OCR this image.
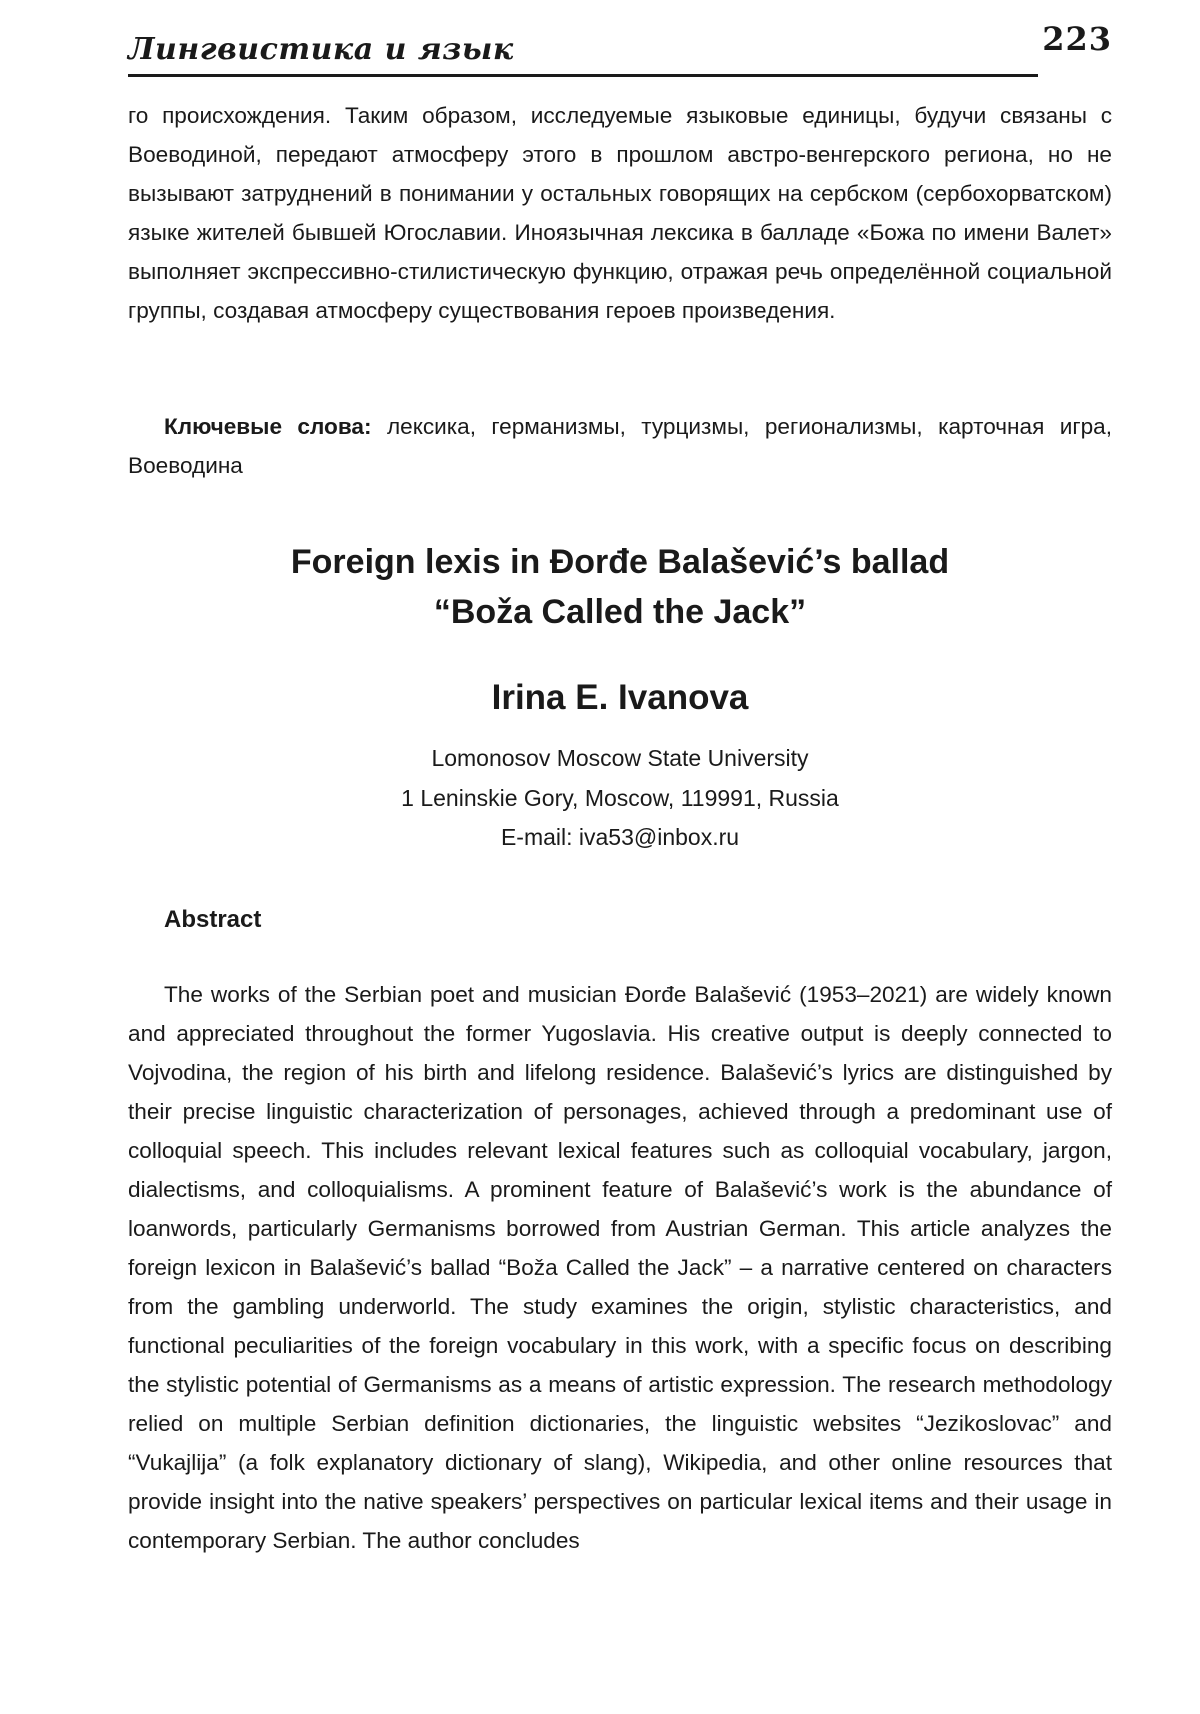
Лингвистика и язык	223

го происхождения. Таким образом, исследуемые языковые единицы, будучи связаны с Воеводиной, передают атмосферу этого в прошлом австро-венгерского региона, но не вызывают затруднений в понимании у остальных говорящих на сербском (сербохорватском) языке жителей бывшей Югославии. Иноязычная лексика в балладе «Божа по имени Валет» выполняет экспрессивно-стилистическую функцию, отражая речь определённой социальной группы, создавая атмосферу существования героев произведения.

Ключевые слова: лексика, германизмы, турцизмы, регионализмы, карточная игра, Воеводина

Foreign lexis in Đorđe Balašević’s ballad
“Boža Called the Jack”
Irina E. Ivanova
Lomonosov Moscow State University
1 Leninskie Gory, Moscow, 119991, Russia
E-mail: iva53@inbox.ru
Abstract

The works of the Serbian poet and musician Đorđe Balašević (1953–2021) are widely known and appreciated throughout the former Yugoslavia. His creative output is deeply connected to Vojvodina, the region of his birth and lifelong residence. Balašević’s lyrics are distinguished by their precise linguistic characterization of personages, achieved through a predominant use of colloquial speech. This includes relevant lexical features such as colloquial vocabulary, jargon, dialectisms, and colloquialisms. A prominent feature of Balašević’s work is the abundance of loanwords, particularly Germanisms borrowed from Austrian German. This article analyzes the foreign lexicon in Balašević’s ballad “Boža Called the Jack” – a narrative centered on characters from the gambling underworld. The study examines the origin, stylistic characteristics, and functional peculiarities of the foreign vocabulary in this work, with a specific focus on describing the stylistic potential of Germanisms as a means of artistic expression. The research methodology relied on multiple Serbian definition dictionaries, the linguistic websites “Jezikoslovac” and “Vukajlija” (a folk explanatory dictionary of slang), Wikipedia, and other online resources that provide insight into the native speakers’ perspectives on particular lexical items and their usage in contemporary Serbian. The author concludes
